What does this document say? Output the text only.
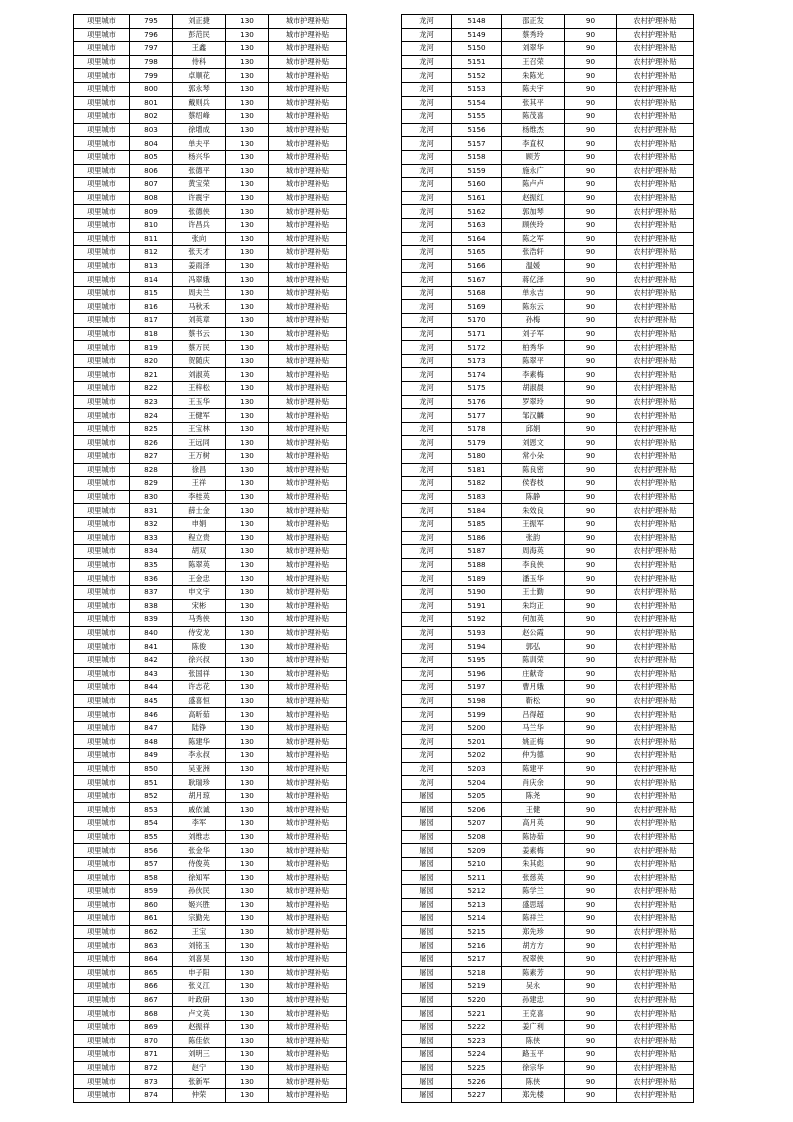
项里城市	795	刘正捷	130	城市护理补贴
项里城市	796	彭范民	130	城市护理补贴
项里城市	797	王鑫	130	城市护理补贴
项里城市	798	侍科	130	城市护理补贴
项里城市	799	卓顺花	130	城市护理补贴
项里城市	800	郭永琴	130	城市护理补贴
项里城市	801	戴则兵	130	城市护理补贴
项里城市	802	蔡绍峰	130	城市护理补贴
项里城市	803	徐增成	130	城市护理补贴
项里城市	804	单夫平	130	城市护理补贴
项里城市	805	杨兴华	130	城市护理补贴
项里城市	806	张德平	130	城市护理补贴
项里城市	807	黄宝荣	130	城市护理补贴
项里城市	808	许震宇	130	城市护理补贴
项里城市	809	张德侠	130	城市护理补贴
项里城市	810	许昌兵	130	城市护理补贴
项里城市	811	张向	130	城市护理补贴
项里城市	812	张天才	130	城市护理补贴
项里城市	813	姜雨泽	130	城市护理补贴
项里城市	814	冯翠娥	130	城市护理补贴
项里城市	815	周夫兰	130	城市护理补贴
项里城市	816	马秋禾	130	城市护理补贴
项里城市	817	刘英章	130	城市护理补贴
项里城市	818	蔡书云	130	城市护理补贴
项里城市	819	蔡万民	130	城市护理补贴
项里城市	820	贺随庆	130	城市护理补贴
项里城市	821	刘淑英	130	城市护理补贴
项里城市	822	王梓松	130	城市护理补贴
项里城市	823	王玉华	130	城市护理补贴
项里城市	824	王健军	130	城市护理补贴
项里城市	825	王宝林	130	城市护理补贴
项里城市	826	王远同	130	城市护理补贴
项里城市	827	王万树	130	城市护理补贴
项里城市	828	徐昌	130	城市护理补贴
项里城市	829	王祥	130	城市护理补贴
项里城市	830	李桂英	130	城市护理补贴
项里城市	831	薛士金	130	城市护理补贴
项里城市	832	申娟	130	城市护理补贴
项里城市	833	程立贵	130	城市护理补贴
项里城市	834	胡双	130	城市护理补贴
项里城市	835	陈翠英	130	城市护理补贴
项里城市	836	王金忠	130	城市护理补贴
项里城市	837	申文宇	130	城市护理补贴
项里城市	838	宋彬	130	城市护理补贴
项里城市	839	马秀侠	130	城市护理补贴
项里城市	840	侍安龙	130	城市护理补贴
项里城市	841	陈俊	130	城市护理补贴
项里城市	842	徐兴叔	130	城市护理补贴
项里城市	843	张国祥	130	城市护理补贴
项里城市	844	许志花	130	城市护理补贴
项里城市	845	盛喜恒	130	城市护理补贴
项里城市	846	高昕茹	130	城市护理补贴
项里城市	847	陆铮	130	城市护理补贴
项里城市	848	陈建华	130	城市护理补贴
项里城市	849	李永叔	130	城市护理补贴
项里城市	850	吴亚洲	130	城市护理补贴
项里城市	851	耿瑞珍	130	城市护理补贴
项里城市	852	胡月琼	130	城市护理补贴
项里城市	853	戚依诚	130	城市护理补贴
项里城市	854	李军	130	城市护理补贴
项里城市	855	刘维志	130	城市护理补贴
项里城市	856	张金华	130	城市护理补贴
项里城市	857	侍俊英	130	城市护理补贴
项里城市	858	徐知军	130	城市护理补贴
项里城市	859	孙伙民	130	城市护理补贴
项里城市	860	姬兴胜	130	城市护理补贴
项里城市	861	宗勤先	130	城市护理补贴
项里城市	862	王宝	130	城市护理补贴
项里城市	863	刘铭玉	130	城市护理补贴
项里城市	864	刘喜昊	130	城市护理补贴
项里城市	865	申子阳	130	城市护理补贴
项里城市	866	张义江	130	城市护理补贴
项里城市	867	叶政研	130	城市护理补贴
项里城市	868	卢文英	130	城市护理补贴
项里城市	869	赵振祥	130	城市护理补贴
项里城市	870	陈佳依	130	城市护理补贴
项里城市	871	刘明三	130	城市护理补贴
项里城市	872	赵宁	130	城市护理补贴
项里城市	873	张新军	130	城市护理补贴
项里城市	874	仲荣	130	城市护理补贴
龙河	5148	邵正发	90	农村护理补贴
龙河	5149	蔡秀玲	90	农村护理补贴
龙河	5150	刘翠华	90	农村护理补贴
龙河	5151	王召荣	90	农村护理补贴
龙河	5152	朱陈光	90	农村护理补贴
龙河	5153	陈夫宇	90	农村护理补贴
龙河	5154	张其平	90	农村护理补贴
龙河	5155	陈茂喜	90	农村护理补贴
龙河	5156	杨维杰	90	农村护理补贴
龙河	5157	李直权	90	农村护理补贴
龙河	5158	顾芳	90	农村护理补贴
龙河	5159	施永广	90	农村护理补贴
龙河	5160	陈卢卢	90	农村护理补贴
龙河	5161	赵振红	90	农村护理补贴
龙河	5162	郭加琴	90	农村护理补贴
龙河	5163	顾侠玲	90	农村护理补贴
龙河	5164	陈之军	90	农村护理补贴
龙河	5165	张浩轩	90	农村护理补贴
龙河	5166	温媛	90	农村护理补贴
龙河	5167	蒋亿泽	90	农村护理补贴
龙河	5168	单永吉	90	农村护理补贴
龙河	5169	陈东云	90	农村护理补贴
龙河	5170	孙梅	90	农村护理补贴
龙河	5171	刘子军	90	农村护理补贴
龙河	5172	柏秀华	90	农村护理补贴
龙河	5173	陈翠平	90	农村护理补贴
龙河	5174	李素梅	90	农村护理补贴
龙河	5175	胡淑晨	90	农村护理补贴
龙河	5176	罗翠玲	90	农村护理补贴
龙河	5177	邹汉麟	90	农村护理补贴
龙河	5178	邱娟	90	农村护理补贴
龙河	5179	刘恩文	90	农村护理补贴
龙河	5180	常小朵	90	农村护理补贴
龙河	5181	陈良密	90	农村护理补贴
龙河	5182	侯春枝	90	农村护理补贴
龙河	5183	陈静	90	农村护理补贴
龙河	5184	朱效良	90	农村护理补贴
龙河	5185	王振军	90	农村护理补贴
龙河	5186	张韵	90	农村护理补贴
龙河	5187	周海英	90	农村护理补贴
龙河	5188	李良侠	90	农村护理补贴
龙河	5189	潘玉华	90	农村护理补贴
龙河	5190	王士勤	90	农村护理补贴
龙河	5191	朱均正	90	农村护理补贴
龙河	5192	何加英	90	农村护理补贴
龙河	5193	赵公霞	90	农村护理补贴
龙河	5194	郭弘	90	农村护理补贴
龙河	5195	陈训荣	90	农村护理补贴
龙河	5196	庄献奇	90	农村护理补贴
龙河	5197	曹月娥	90	农村护理补贴
龙河	5198	靳松	90	农村护理补贴
龙河	5199	吕得超	90	农村护理补贴
龙河	5200	马兰华	90	农村护理补贴
龙河	5201	姚正梅	90	农村护理补贴
龙河	5202	仲为德	90	农村护理补贴
龙河	5203	陈建平	90	农村护理补贴
龙河	5204	肖庆余	90	农村护理补贴
屠园	5205	陈尧	90	农村护理补贴
屠园	5206	王健	90	农村护理补贴
屠园	5207	高月英	90	农村护理补贴
屠园	5208	陈协茹	90	农村护理补贴
屠园	5209	姜素梅	90	农村护理补贴
屠园	5210	朱其彪	90	农村护理补贴
屠园	5211	张慈英	90	农村护理补贴
屠园	5212	陈学兰	90	农村护理补贴
屠园	5213	盛思瑶	90	农村护理补贴
屠园	5214	陈祥兰	90	农村护理补贴
屠园	5215	郑先珍	90	农村护理补贴
屠园	5216	胡方方	90	农村护理补贴
屠园	5217	祝翠侠	90	农村护理补贴
屠园	5218	陈素芳	90	农村护理补贴
屠园	5219	吴永	90	农村护理补贴
屠园	5220	孙建忠	90	农村护理补贴
屠园	5221	王克喜	90	农村护理补贴
屠园	5222	姜广利	90	农村护理补贴
屠园	5223	陈侠	90	农村护理补贴
屠园	5224	路玉平	90	农村护理补贴
屠园	5225	徐宗华	90	农村护理补贴
屠园	5226	陈侠	90	农村护理补贴
屠园	5227	郑先楼	90	农村护理补贴
